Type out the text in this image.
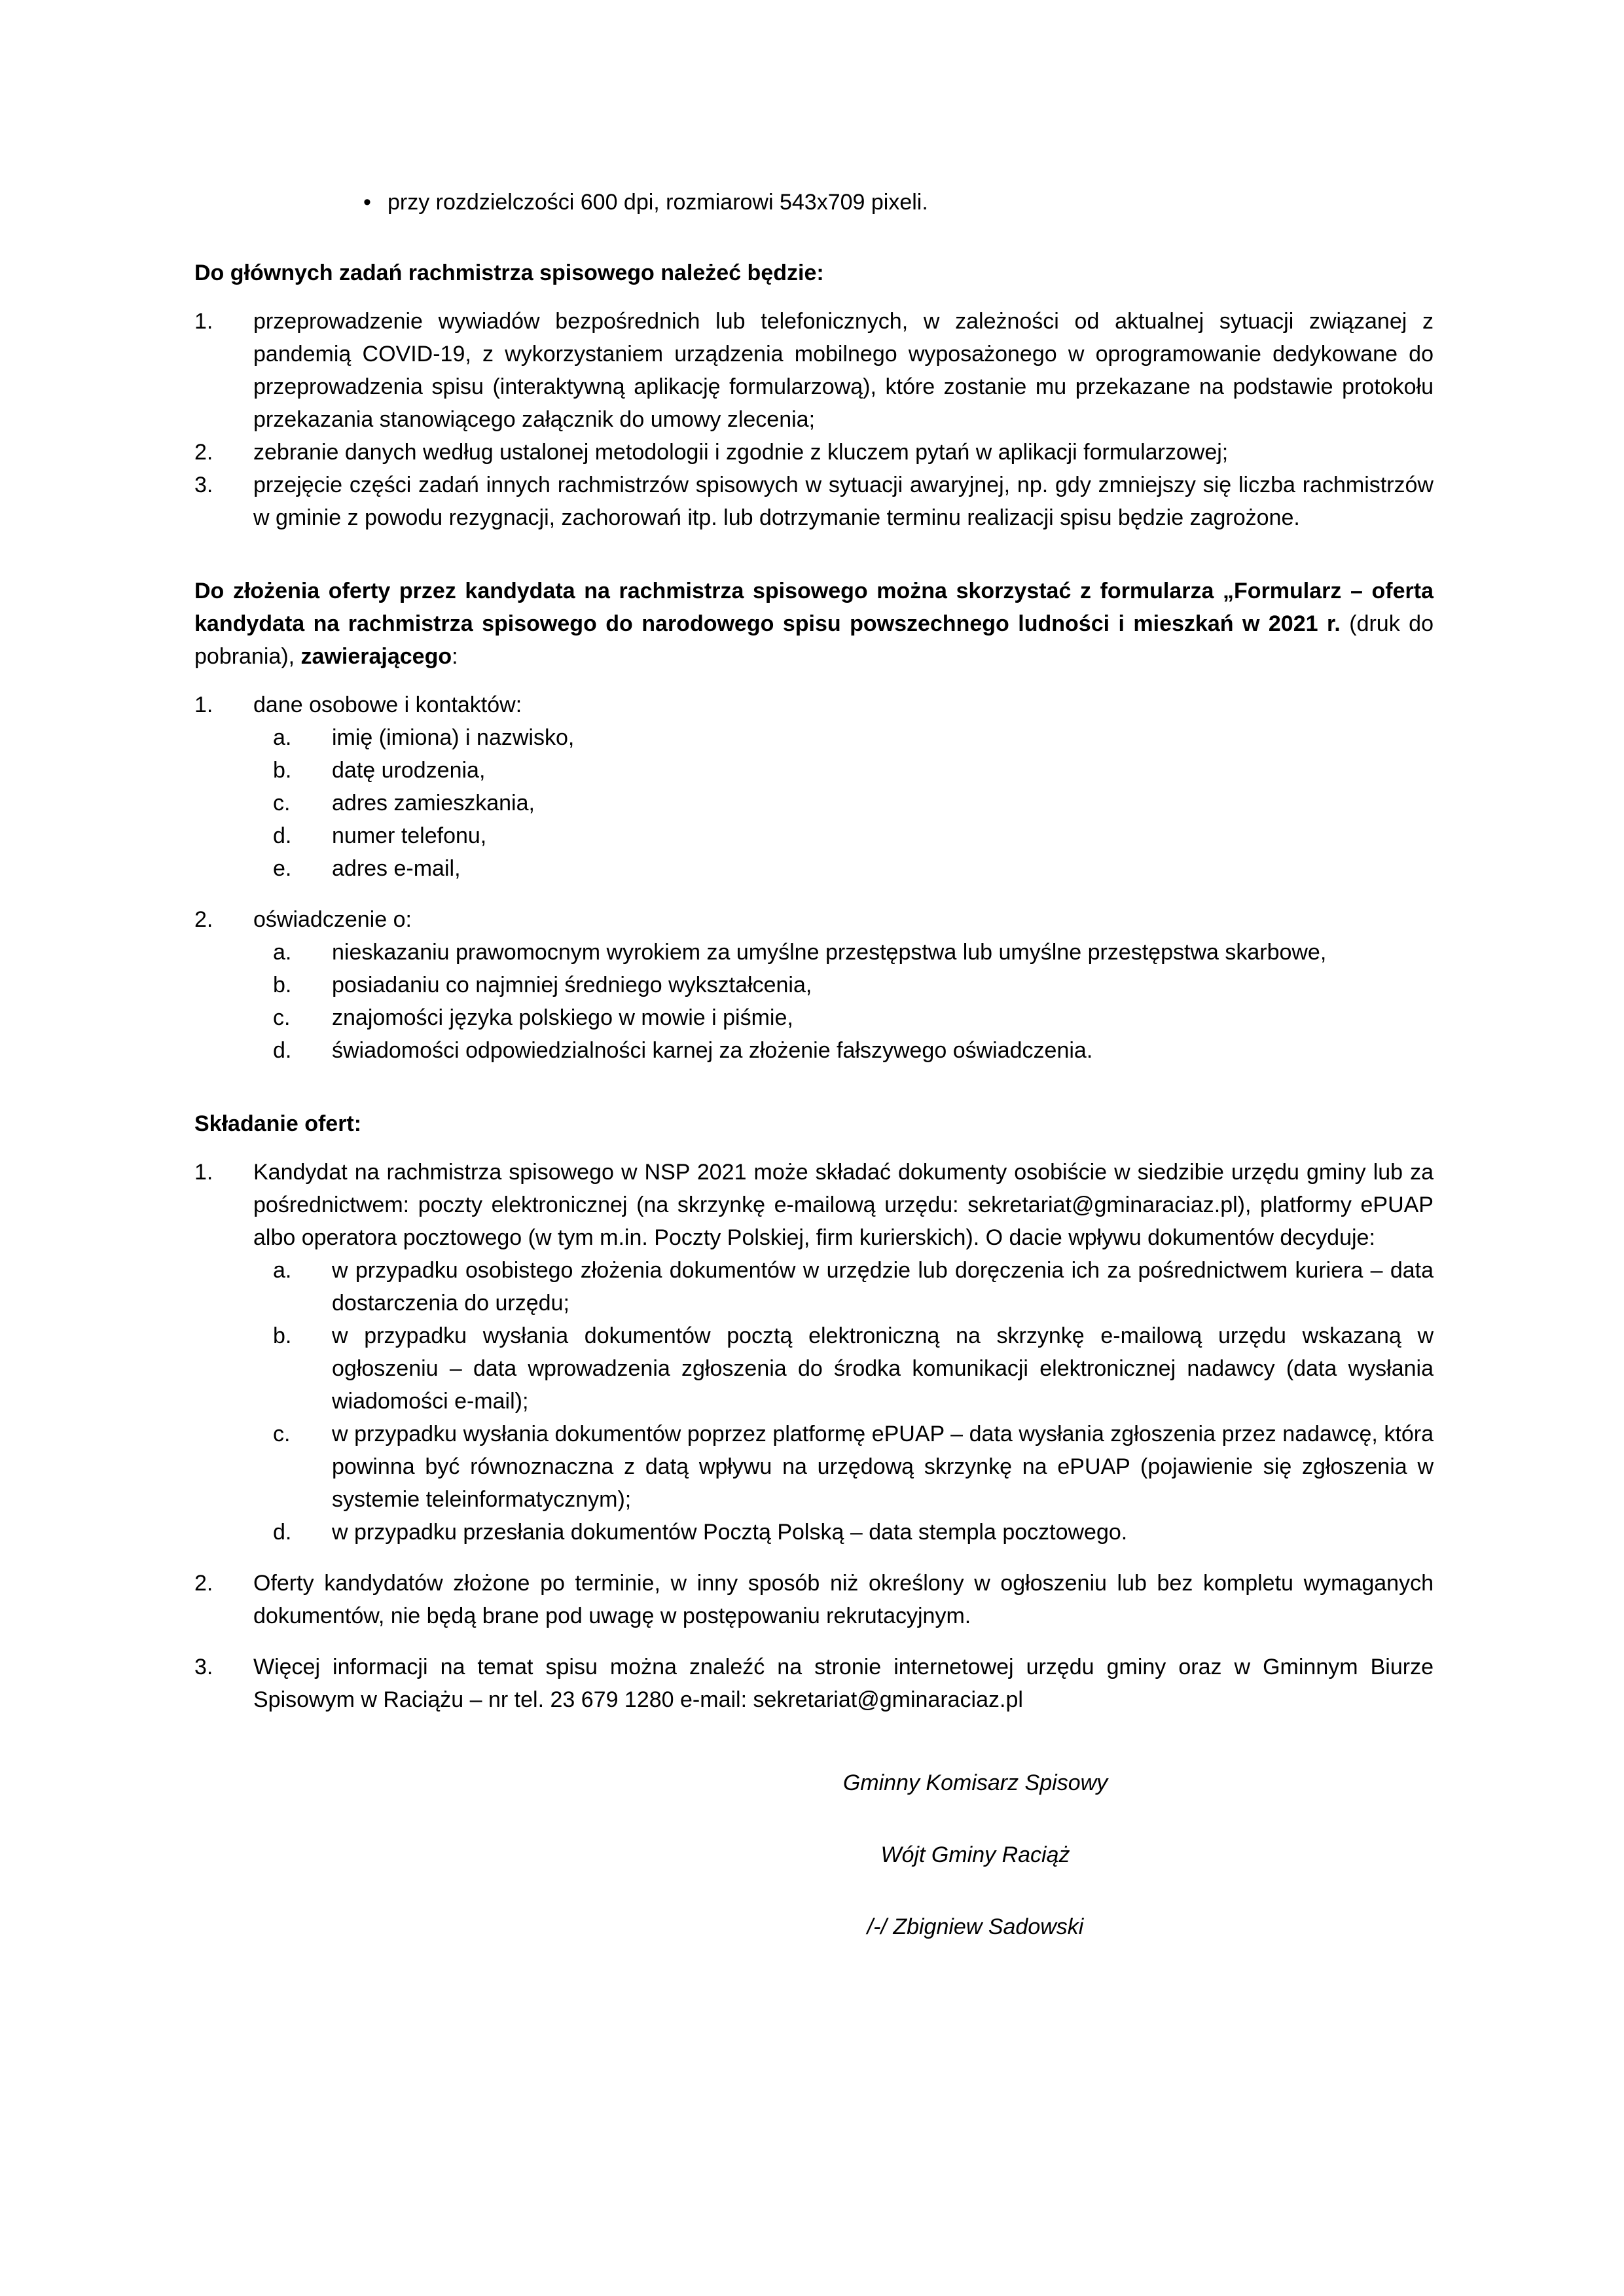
• przy rozdzielczości 600 dpi, rozmiarowi 543x709 pixeli.

Do głównych zadań rachmistrza spisowego należeć będzie:

1. przeprowadzenie wywiadów bezpośrednich lub telefonicznych, w zależności od aktualnej sytuacji związanej z pandemią COVID-19, z wykorzystaniem urządzenia mobilnego wyposażonego w oprogramowanie dedykowane do przeprowadzenia spisu (interaktywną aplikację formularzową), które zostanie mu przekazane na podstawie protokołu przekazania stanowiącego załącznik do umowy zlecenia;
2. zebranie danych według ustalonej metodologii i zgodnie z kluczem pytań w aplikacji formularzowej;
3. przejęcie części zadań innych rachmistrzów spisowych w sytuacji awaryjnej, np. gdy zmniejszy się liczba rachmistrzów w gminie z powodu rezygnacji, zachorowań itp. lub dotrzymanie terminu realizacji spisu będzie zagrożone.

Do złożenia oferty przez kandydata na rachmistrza spisowego można skorzystać z formularza „Formularz – oferta kandydata na rachmistrza spisowego do narodowego spisu powszechnego ludności i mieszkań w 2021 r. (druk do pobrania), zawierającego:

1. dane osobowe i kontaktów:
a. imię (imiona) i nazwisko,
b. datę urodzenia,
c. adres zamieszkania,
d. numer telefonu,
e. adres e-mail,
2. oświadczenie o:
a. nieskazaniu prawomocnym wyrokiem za umyślne przestępstwa lub umyślne przestępstwa skarbowe,
b. posiadaniu co najmniej średniego wykształcenia,
c. znajomości języka polskiego w mowie i piśmie,
d. świadomości odpowiedzialności karnej za złożenie fałszywego oświadczenia.

Składanie ofert:

1. Kandydat na rachmistrza spisowego w NSP 2021 może składać dokumenty osobiście w siedzibie urzędu gminy lub za pośrednictwem: poczty elektronicznej (na skrzynkę e-mailową urzędu: sekretariat@gminaraciaz.pl), platformy ePUAP albo operatora pocztowego (w tym m.in. Poczty Polskiej, firm kurierskich). O dacie wpływu dokumentów decyduje:
a. w przypadku osobistego złożenia dokumentów w urzędzie lub doręczenia ich za pośrednictwem kuriera – data dostarczenia do urzędu;
b. w przypadku wysłania dokumentów pocztą elektroniczną na skrzynkę e-mailową urzędu wskazaną w ogłoszeniu – data wprowadzenia zgłoszenia do środka komunikacji elektronicznej nadawcy (data wysłania wiadomości e-mail);
c. w przypadku wysłania dokumentów poprzez platformę ePUAP – data wysłania zgłoszenia przez nadawcę, która powinna być równoznaczna z datą wpływu na urzędową skrzynkę na ePUAP (pojawienie się zgłoszenia w systemie teleinformatycznym);
d. w przypadku przesłania dokumentów Pocztą Polską – data stempla pocztowego.
2. Oferty kandydatów złożone po terminie, w inny sposób niż określony w ogłoszeniu lub bez kompletu wymaganych dokumentów, nie będą brane pod uwagę w postępowaniu rekrutacyjnym.
3. Więcej informacji na temat spisu można znaleźć na stronie internetowej urzędu gminy oraz w Gminnym Biurze Spisowym w Raciążu – nr tel. 23 679 1280 e-mail: sekretariat@gminaraciaz.pl
Gminny Komisarz Spisowy
Wójt Gminy Raciąż
/-/ Zbigniew Sadowski
